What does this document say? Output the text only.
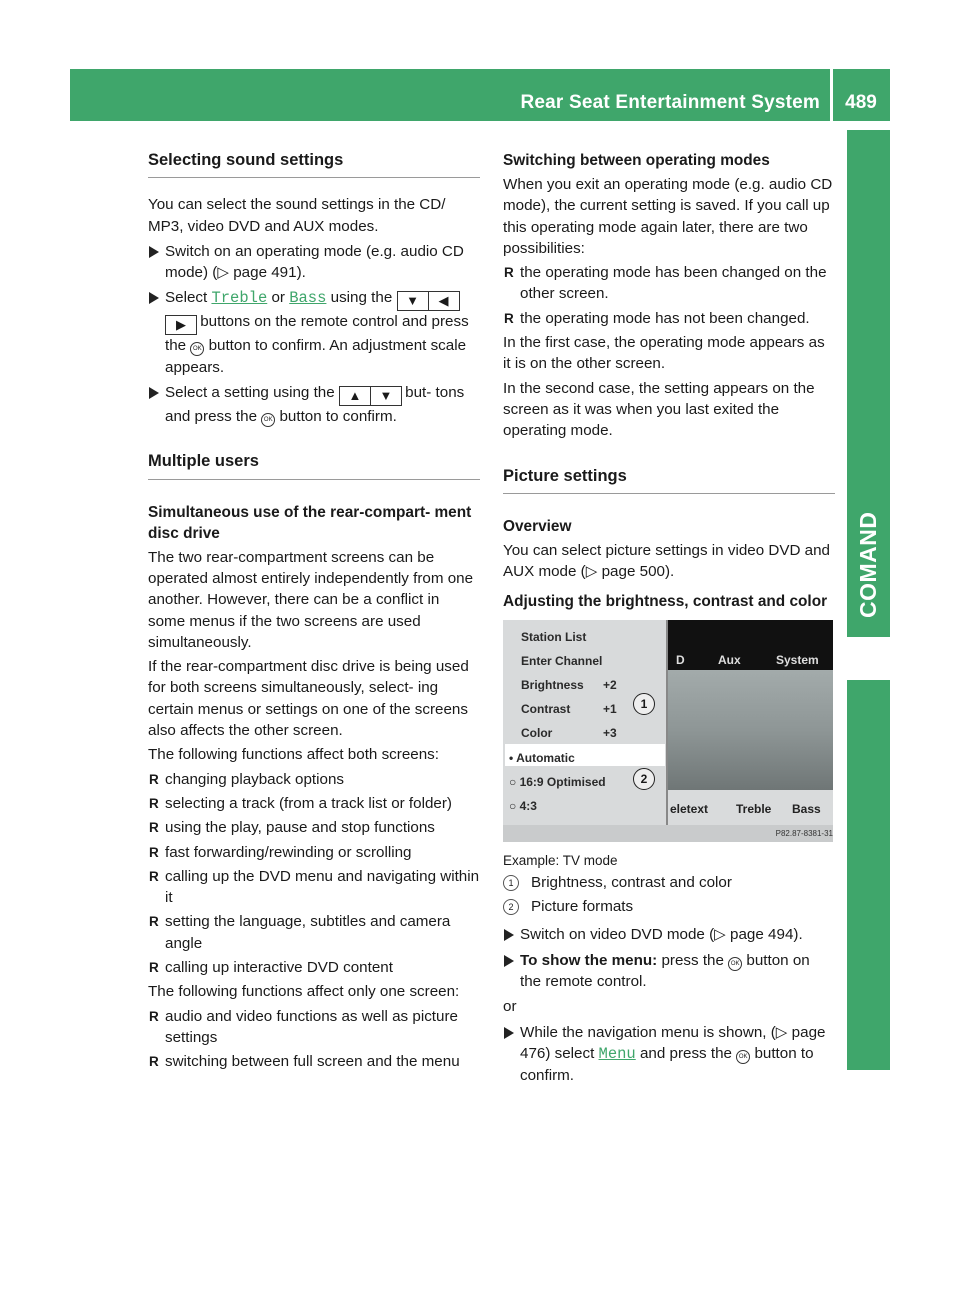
Rear Seat Entertainment System	489
COMAND
Selecting sound settings

You can select the sound settings in the CD/ MP3, video DVD and AUX modes.

Switch on an operating mode (e.g. audio CD mode) (▷ page 491).

Select Treble or Bass using the ▼ ◀▶ buttons on the remote control and press the OK button to confirm. An adjustment scale appears.

Select a setting using the ▲ ▼ but- tons and press the OK button to confirm.

Multiple users
Simultaneous use of the rear-compart- ment disc drive

The two rear-compartment screens can be operated almost entirely independently from one another. However, there can be a conflict in some menus if the two screens are used simultaneously.

If the rear-compartment disc drive is being used for both screens simultaneously, select- ing certain menus or settings on one of the screens also affects the other screen.

The following functions affect both screens:

R changing playback options

R selecting a track (from a track list or folder)

R using the play, pause and stop functions

R fast forwarding/rewinding or scrolling

R calling up the DVD menu and navigating within it

R setting the language, subtitles and camera angle

R calling up interactive DVD content

The following functions affect only one screen:

R audio and video functions as well as picture settings

R switching between full screen and the menu

Switching between operating modes

When you exit an operating mode (e.g. audio CD mode), the current setting is saved. If you call up this operating mode again later, there are two possibilities:

R the operating mode has been changed on the other screen.

R the operating mode has not been changed.

In the first case, the operating mode appears as it is on the other screen.

In the second case, the setting appears on the screen as it was when you last exited the operating mode.

Picture settings
Overview

You can select picture settings in video DVD and AUX mode (▷ page 500).

Adjusting the brightness, contrast and color
Station List
Enter Channel
Brightness +2
Contrast	+1
Color	+3
• Automatic
○ 16:9 Optimised
○ 4:3
1
2
D	Aux	System
eletext Treble Bass
P82.87-8381-31

Example: TV mode

1 Brightness, contrast and color

2 Picture formats

Switch on video DVD mode (▷ page 494).

To show the menu: press the OK button on the remote control.

or

While the navigation menu is shown, (▷ page 476) select Menu and press the OK button to confirm.
